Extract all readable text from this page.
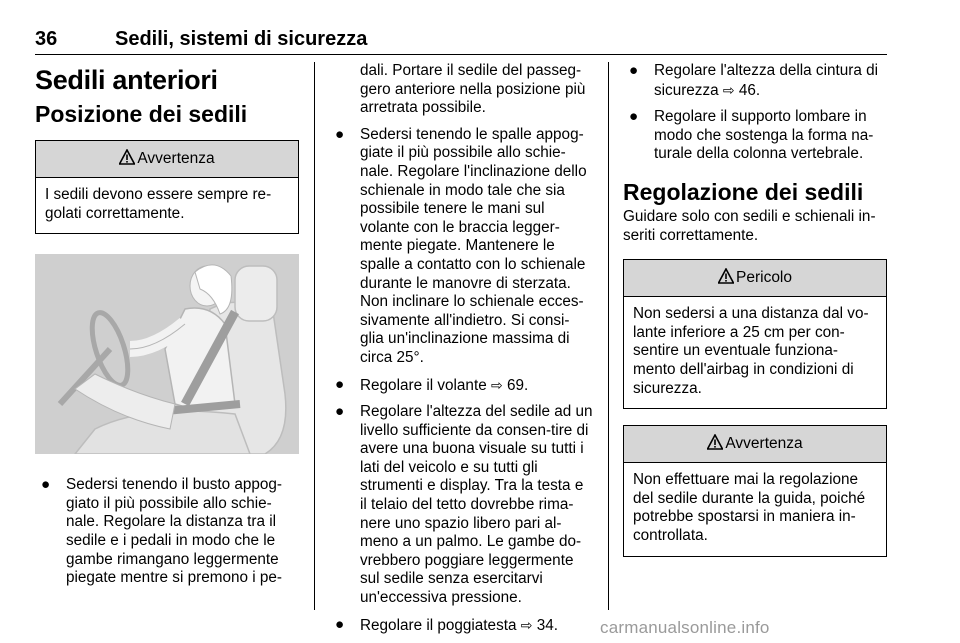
36	Sedili, sistemi di sicurezza
Sedili anteriori
Posizione dei sedili
Avvertenza
I sedili devono essere sempre re-golati correttamente.
● Sedersi tenendo il busto appog-giato il più possibile allo schie-nale. Regolare la distanza tra il sedile e i pedali in modo che le gambe rimangano leggermente piegate mentre si premono i pe-
dali. Portare il sedile del passeg-gero anteriore nella posizione più arretrata possibile.
● Sedersi tenendo le spalle appog-giate il più possibile allo schie-nale. Regolare l'inclinazione dello schienale in modo tale che sia possibile tenere le mani sul volante con le braccia legger-mente piegate. Mantenere le spalle a contatto con lo schienale durante le manovre di sterzata. Non inclinare lo schienale ecces-sivamente all'indietro. Si consi-glia un'inclinazione massima di circa 25°.
● Regolare il volante ⇨ 69.
● Regolare l'altezza del sedile ad un livello sufficiente da consen-tire di avere una buona visuale su tutti i lati del veicolo e su tutti gli strumenti e display. Tra la testa e il telaio del tetto dovrebbe rima-nere uno spazio libero pari al-meno a un palmo. Le gambe do-vrebbero poggiare leggermente sul sedile senza esercitarvi un'eccessiva pressione.
● Regolare il poggiatesta ⇨ 34.
● Regolare l'altezza della cintura di sicurezza ⇨ 46.
● Regolare il supporto lombare in modo che sostenga la forma na-turale della colonna vertebrale.
Regolazione dei sedili
Guidare solo con sedili e schienali in-seriti correttamente.
Pericolo
Non sedersi a una distanza dal vo-lante inferiore a 25 cm per con-sentire un eventuale funziona-mento dell'airbag in condizioni di sicurezza.
Avvertenza
Non effettuare mai la regolazione del sedile durante la guida, poiché potrebbe spostarsi in maniera in-controllata.
carmanualsonline.info
